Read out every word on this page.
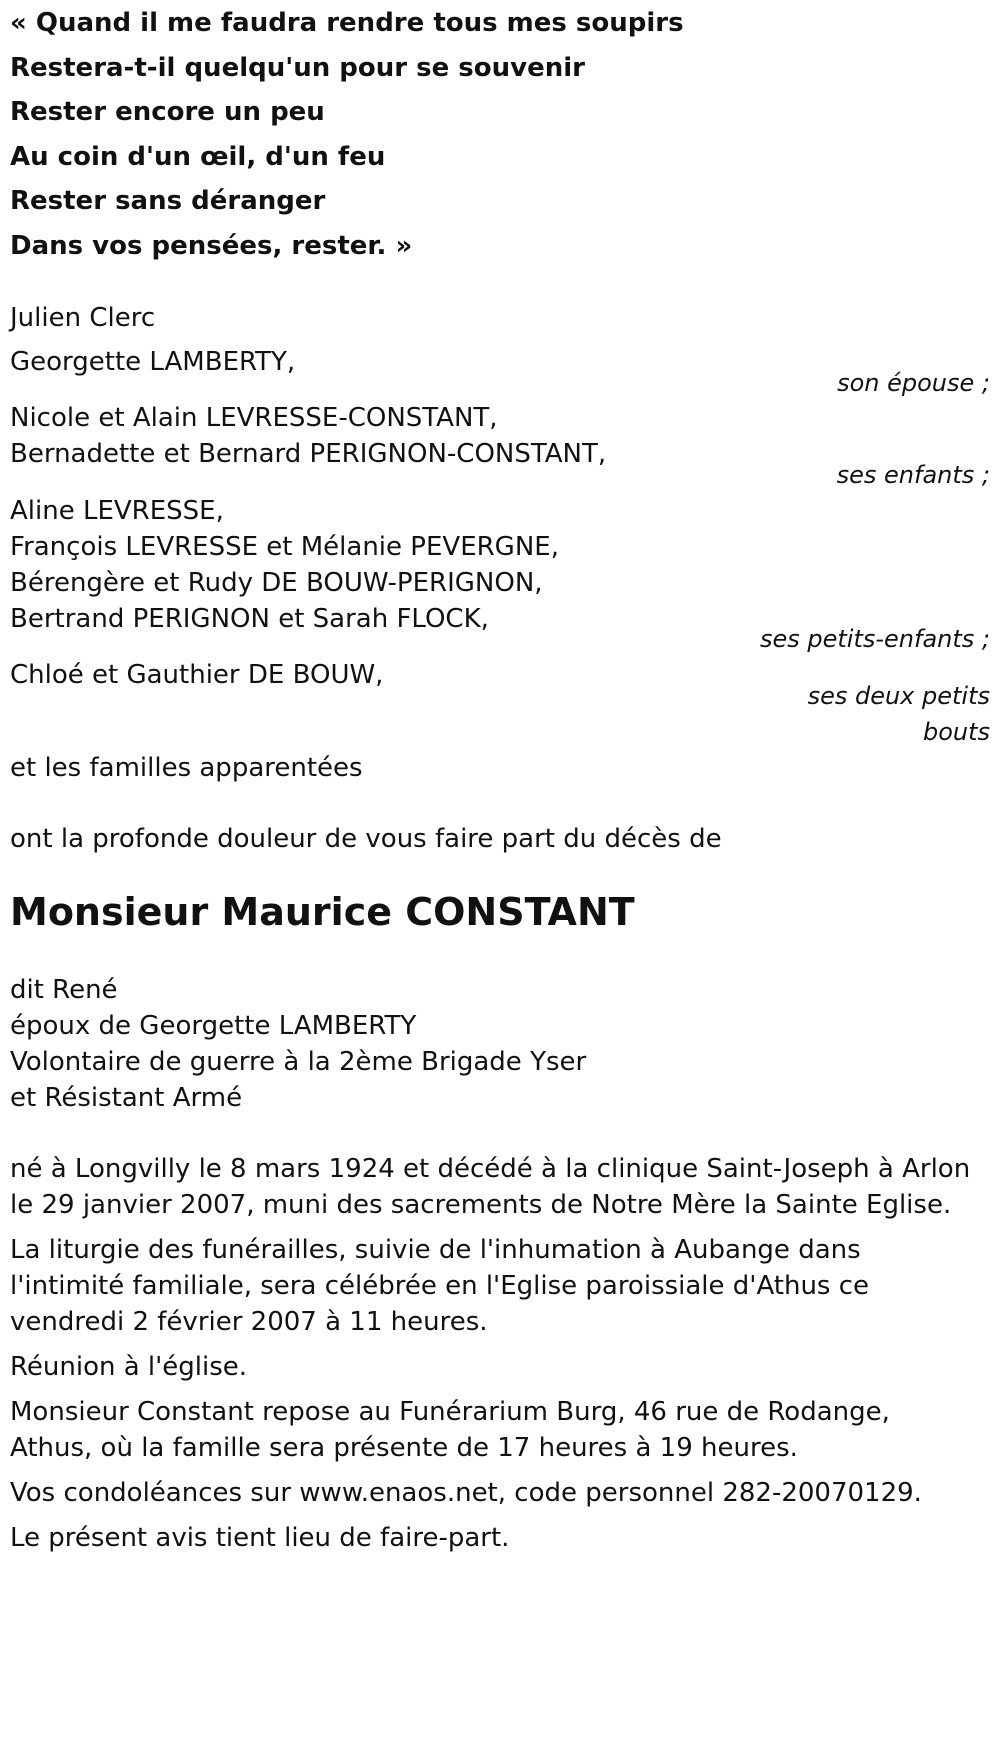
« Quand il me faudra rendre tous mes soupirs

Restera-t-il quelqu'un pour se souvenir

Rester encore un peu

Au coin d'un œil, d'un feu

Rester sans déranger

Dans vos pensées, rester. »

Julien Clerc

Georgette LAMBERTY,

son épouse ;

Nicole et Alain LEVRESSE-CONSTANT,

Bernadette et Bernard PERIGNON-CONSTANT,

ses enfants ;

Aline LEVRESSE,

François LEVRESSE et Mélanie PEVERGNE,

Bérengère et Rudy DE BOUW-PERIGNON,

Bertrand PERIGNON et Sarah FLOCK,

ses petits-enfants ;

Chloé et Gauthier DE BOUW,

ses deux petits

bouts

et les familles apparentées

ont la profonde douleur de vous faire part du décès de

Monsieur Maurice CONSTANT

dit René

époux de Georgette LAMBERTY

Volontaire de guerre à la 2ème Brigade Yser

et Résistant Armé

né à Longvilly le 8 mars 1924 et décédé à la clinique Saint-Joseph à Arlon

le 29 janvier 2007, muni des sacrements de Notre Mère la Sainte Eglise.

La liturgie des funérailles, suivie de l'inhumation à Aubange dans

l'intimité familiale, sera célébrée en l'Eglise paroissiale d'Athus ce

vendredi 2 février 2007 à 11 heures.

Réunion à l'église.

Monsieur Constant repose au Funérarium Burg, 46 rue de Rodange,

Athus, où la famille sera présente de 17 heures à 19 heures.

Vos condoléances sur www.enaos.net, code personnel 282-20070129.

Le présent avis tient lieu de faire-part.
